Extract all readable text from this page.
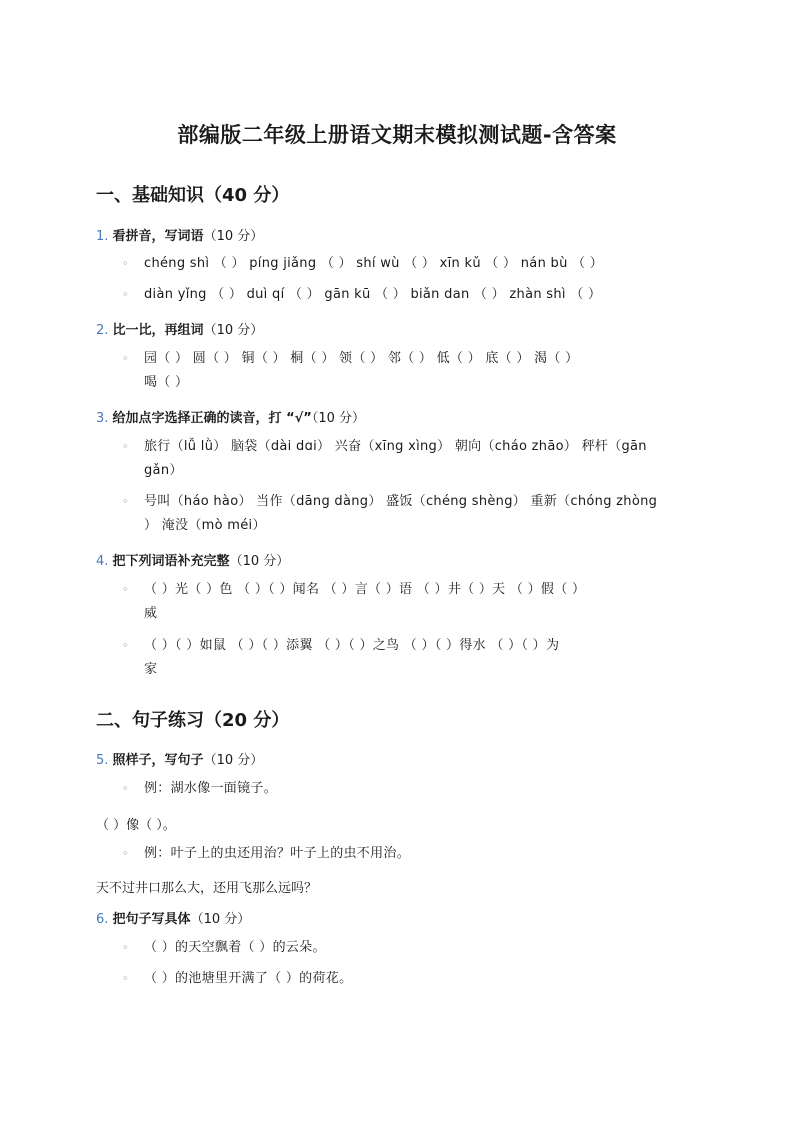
部编版二年级上册语文期末模拟测试题-含答案
一、基础知识（40 分）
1. 看拼音，写词语（10 分）
◦ chéng shì （ ） píng jiǎng （ ） shí wù （ ） xīn kǔ （ ） nán bù （ ）
◦ diàn yǐng （ ） duì qí （ ） gān kū （ ） biǎn dan （ ） zhàn shì （ ）
2. 比一比，再组词（10 分）
◦ 园（ ） 圆（ ） 铜（ ） 桐（ ） 领（ ） 邻（ ） 低（ ） 底（ ） 渴（ ）
喝（ ）
3. 给加点字选择正确的读音，打 “√”（10 分）
◦ 旅行（lǚ lǜ） 脑袋（dài dɑi） 兴奋（xīng xìng） 朝向（cháo zhāo） 秤杆（gān
gǎn）
◦ 号叫（háo hào） 当作（dāng dàng） 盛饭（chéng shèng） 重新（chóng zhòng
） 淹没（mò méi）
4. 把下列词语补充完整（10 分）
◦ （ ）光（ ）色 （ ）（ ）闻名 （ ）言（ ）语 （ ）井（ ）天 （ ）假（ ）
威
◦ （ ）（ ）如鼠 （ ）（ ）添翼 （ ）（ ）之鸟 （ ）（ ）得水 （ ）（ ）为
家
二、句子练习（20 分）
5. 照样子，写句子（10 分）
◦ 例：湖水像一面镜子。
（ ）像（ ）。
◦ 例：叶子上的虫还用治？叶子上的虫不用治。
天不过井口那么大，还用飞那么远吗？
6. 把句子写具体（10 分）
◦ （ ）的天空飘着（ ）的云朵。
◦ （ ）的池塘里开满了（ ）的荷花。
